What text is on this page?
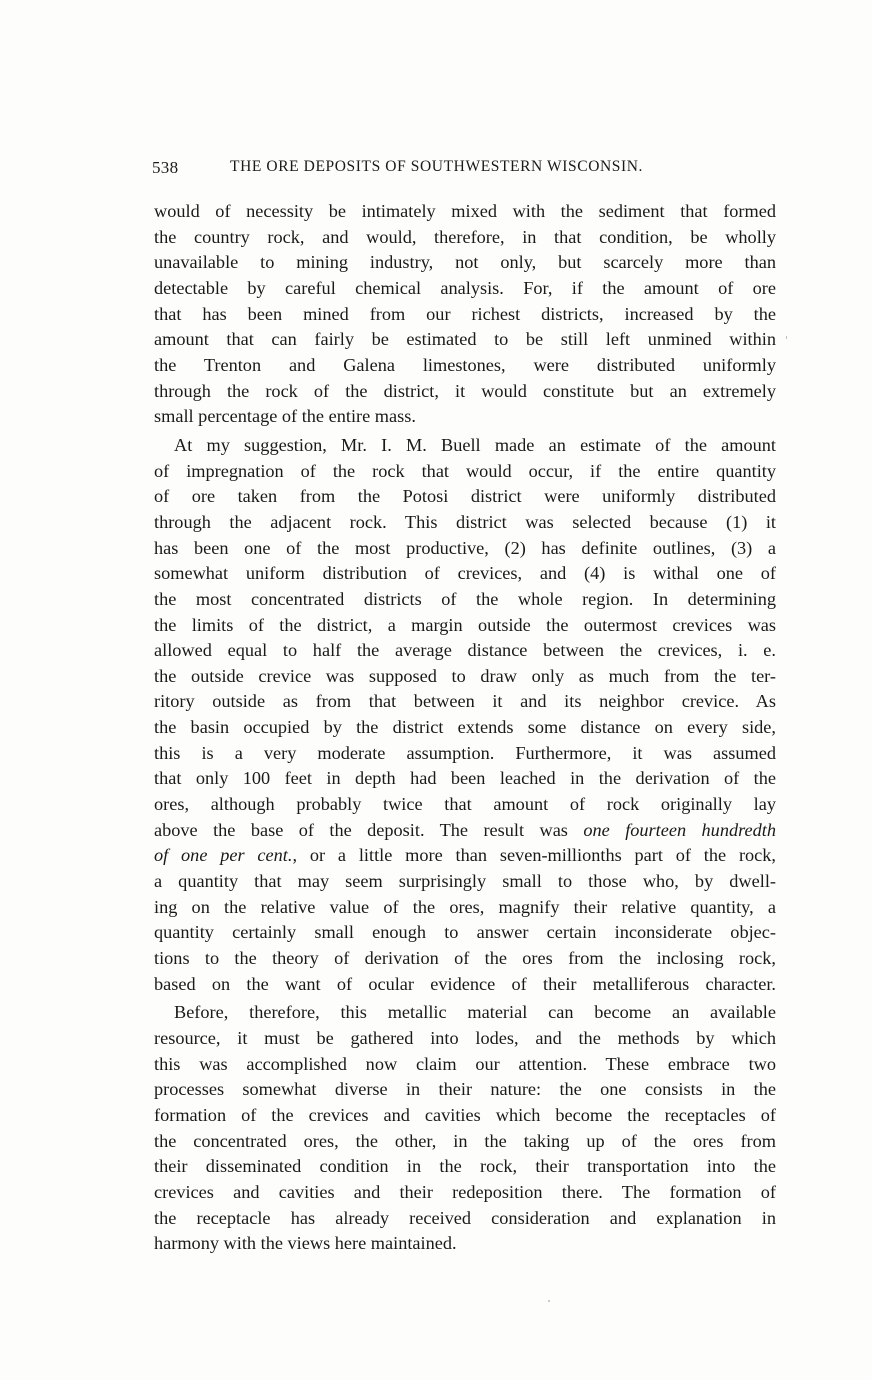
538	THE ORE DEPOSITS OF SOUTHWESTERN WISCONSIN.
would of necessity be intimately mixed with the sediment that formed
the country rock, and would, therefore, in that condition, be wholly
unavailable to mining industry, not only, but scarcely more than
detectable by careful chemical analysis. For, if the amount of ore
that has been mined from our richest districts, increased by the
amount that can fairly be estimated to be still left unmined within
the Trenton and Galena limestones, were distributed uniformly
through the rock of the district, it would constitute but an extremely
small percentage of the entire mass.
At my suggestion, Mr. I. M. Buell made an estimate of the amount
of impregnation of the rock that would occur, if the entire quantity
of ore taken from the Potosi district were uniformly distributed
through the adjacent rock. This district was selected because (1) it
has been one of the most productive, (2) has definite outlines, (3) a
somewhat uniform distribution of crevices, and (4) is withal one of
the most concentrated districts of the whole region. In determining
the limits of the district, a margin outside the outermost crevices was
allowed equal to half the average distance between the crevices, i. e.
the outside crevice was supposed to draw only as much from the ter-
ritory outside as from that between it and its neighbor crevice. As
the basin occupied by the district extends some distance on every side,
this is a very moderate assumption. Furthermore, it was assumed
that only 100 feet in depth had been leached in the derivation of the
ores, although probably twice that amount of rock originally lay
above the base of the deposit. The result was one fourteen hundredth
of one per cent., or a little more than seven-millionths part of the rock,
a quantity that may seem surprisingly small to those who, by dwell-
ing on the relative value of the ores, magnify their relative quantity, a
quantity certainly small enough to answer certain inconsiderate objec-
tions to the theory of derivation of the ores from the inclosing rock,
based on the want of ocular evidence of their metalliferous character.
Before, therefore, this metallic material can become an available
resource, it must be gathered into lodes, and the methods by which
this was accomplished now claim our attention. These embrace two
processes somewhat diverse in their nature: the one consists in the
formation of the crevices and cavities which become the receptacles of
the concentrated ores, the other, in the taking up of the ores from
their disseminated condition in the rock, their transportation into the
crevices and cavities and their redeposition there. The formation of
the receptacle has already received consideration and explanation in
harmony with the views here maintained.
